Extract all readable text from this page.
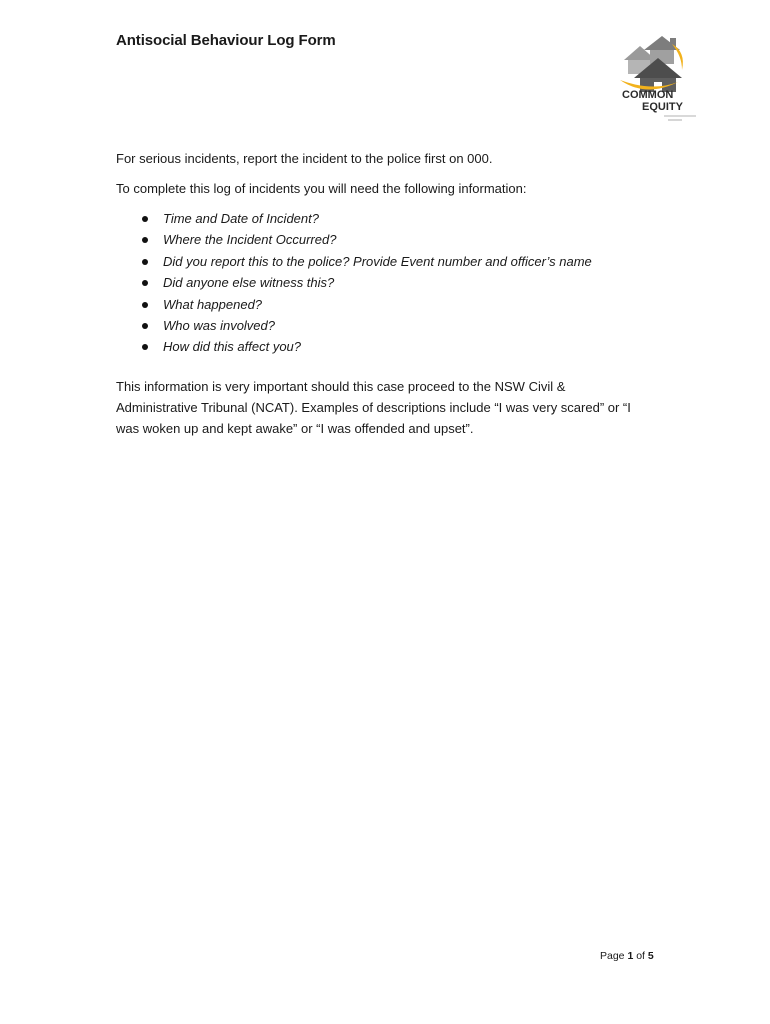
Antisocial Behaviour Log Form
COMMON
EQUITY

For serious incidents, report the incident to the police first on 000.

To complete this log of incidents you will need the following information:

Time and Date of Incident?
Where the Incident Occurred?
Did you report this to the police? Provide Event number and officer’s name
Did anyone else witness this?
What happened?
Who was involved?
How did this affect you?

This information is very important should this case proceed to the NSW Civil & Administrative Tribunal (NCAT). Examples of descriptions include “I was very scared” or “I was woken up and kept awake” or “I was offended and upset”.

Page 1 of 5
